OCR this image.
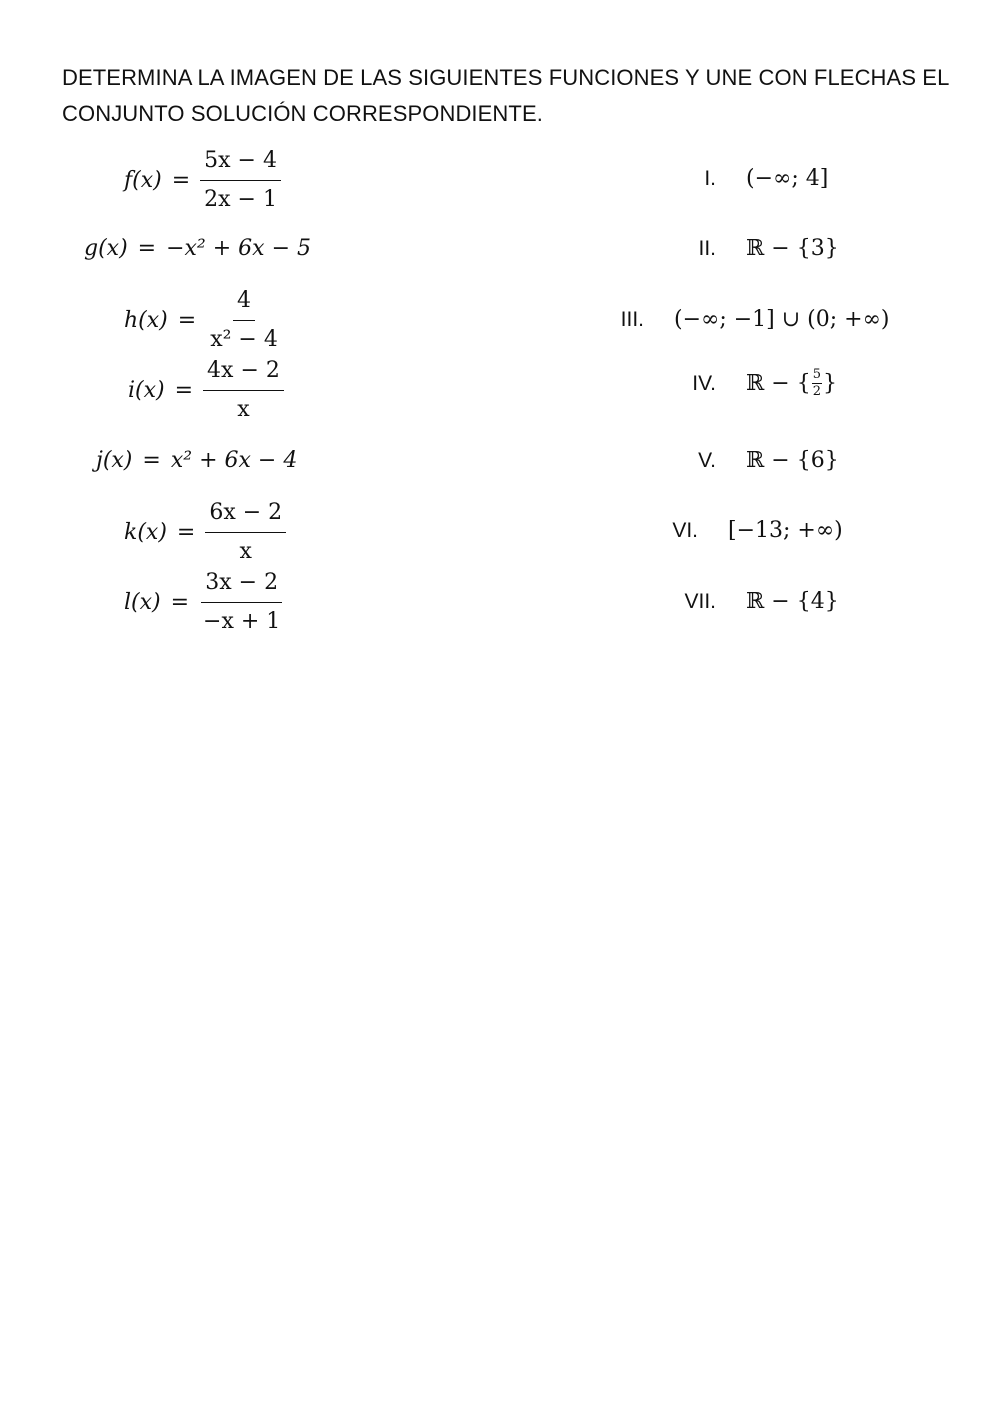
DETERMINA LA IMAGEN DE LAS SIGUIENTES FUNCIONES Y UNE CON FLECHAS EL
CONJUNTO SOLUCIÓN CORRESPONDIENTE.
$f(x) = \frac{5x - 4}{2x - 1}$
g(x) = −x² + 6x − 5
$h(x) = \frac{4}{\text{x² − 4}}$
$i(x) = \frac{4x - 2}{x}$
j(x) = x² + 6x − 4
$k(x) = \frac{6x - 2}{x}$
$l(x) = \frac{3x - 2}{-x + 1}$
I. (−∞; 4]
II. ℝ − {3}
III. (−∞; −1] ∪ (0; +∞)
IV. ℝ − { $\frac{5}{2}$ }
V. ℝ − {6}
VI. [−13; +∞)
VII. ℝ − {4}
